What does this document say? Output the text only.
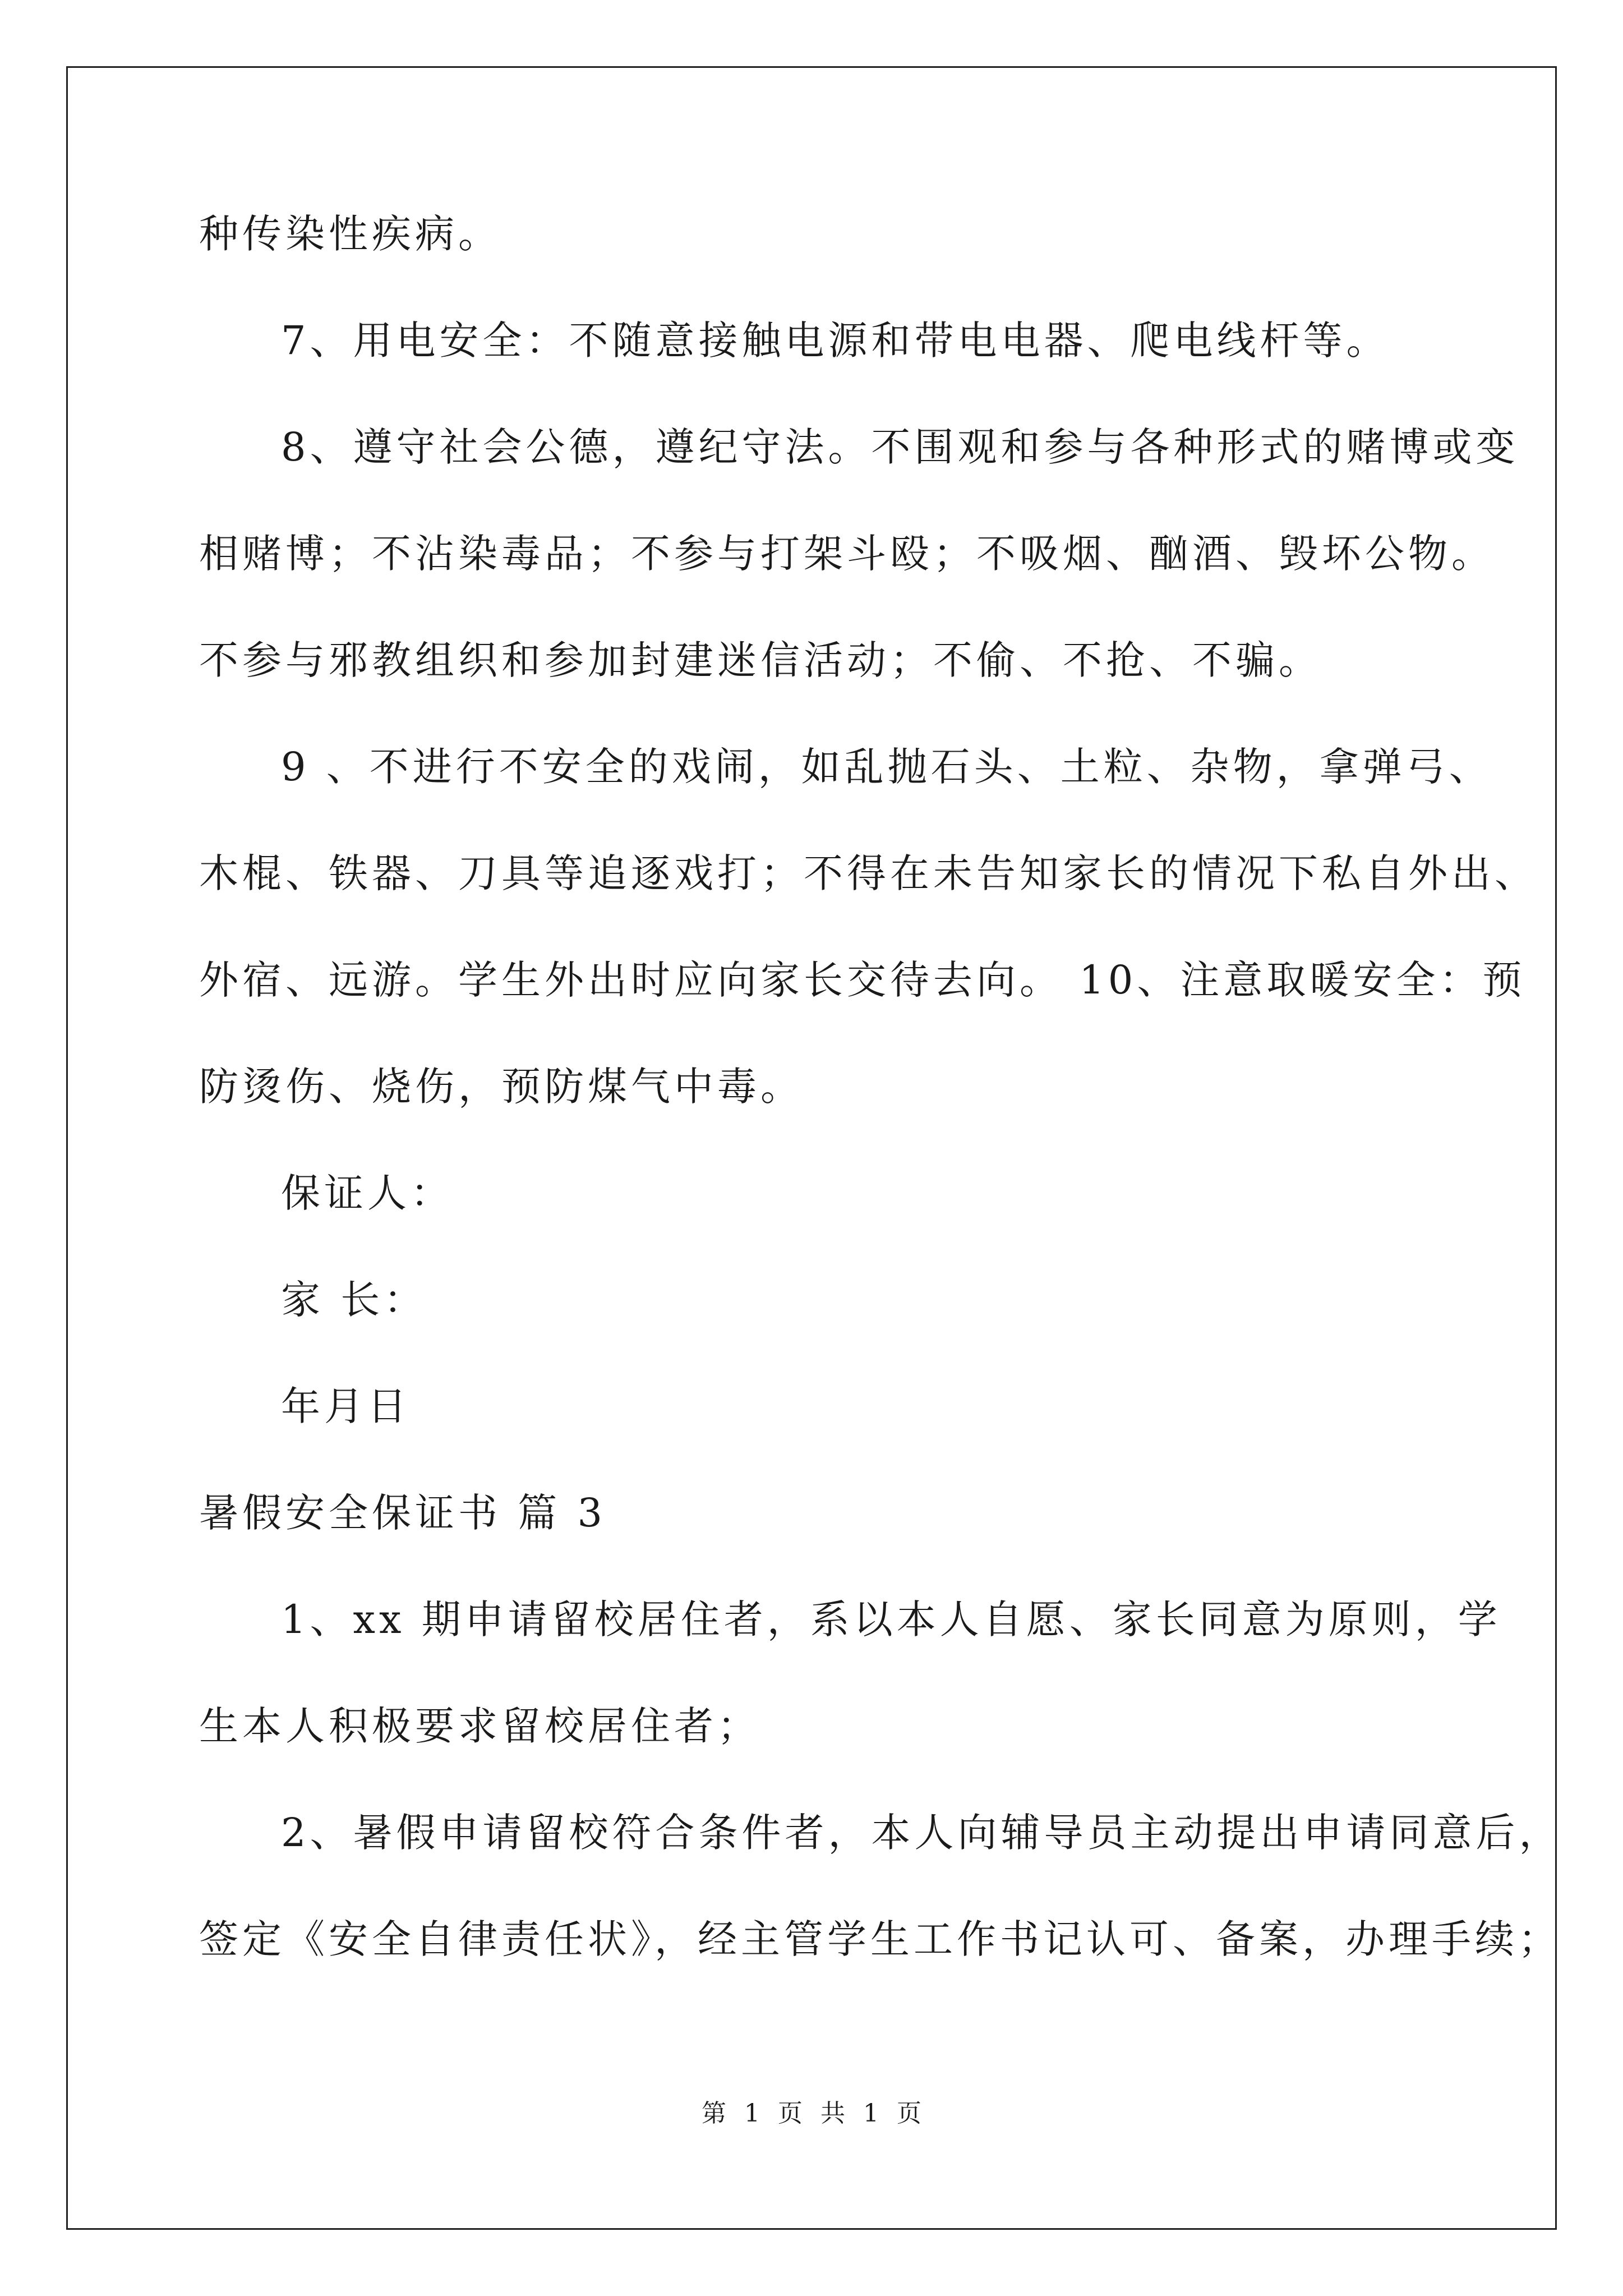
种传染性疾病。
7、用电安全：不随意接触电源和带电电器、爬电线杆等。
8、遵守社会公德，遵纪守法。不围观和参与各种形式的赌博或变
相赌博；不沾染毒品；不参与打架斗殴；不吸烟、酗酒、毁坏公物。
不参与邪教组织和参加封建迷信活动；不偷、不抢、不骗。
9 、不进行不安全的戏闹，如乱抛石头、土粒、杂物，拿弹弓、
木棍、铁器、刀具等追逐戏打；不得在未告知家长的情况下私自外出、
外宿、远游。学生外出时应向家长交待去向。 10、注意取暖安全：预
防烫伤、烧伤，预防煤气中毒。
保证人：
家 长：
年月日
暑假安全保证书 篇 3
1、xx 期申请留校居住者，系以本人自愿、家长同意为原则，学
生本人积极要求留校居住者；
2、暑假申请留校符合条件者，本人向辅导员主动提出申请同意后，
签定《安全自律责任状》，经主管学生工作书记认可、备案，办理手续；
第 1 页 共 1 页
